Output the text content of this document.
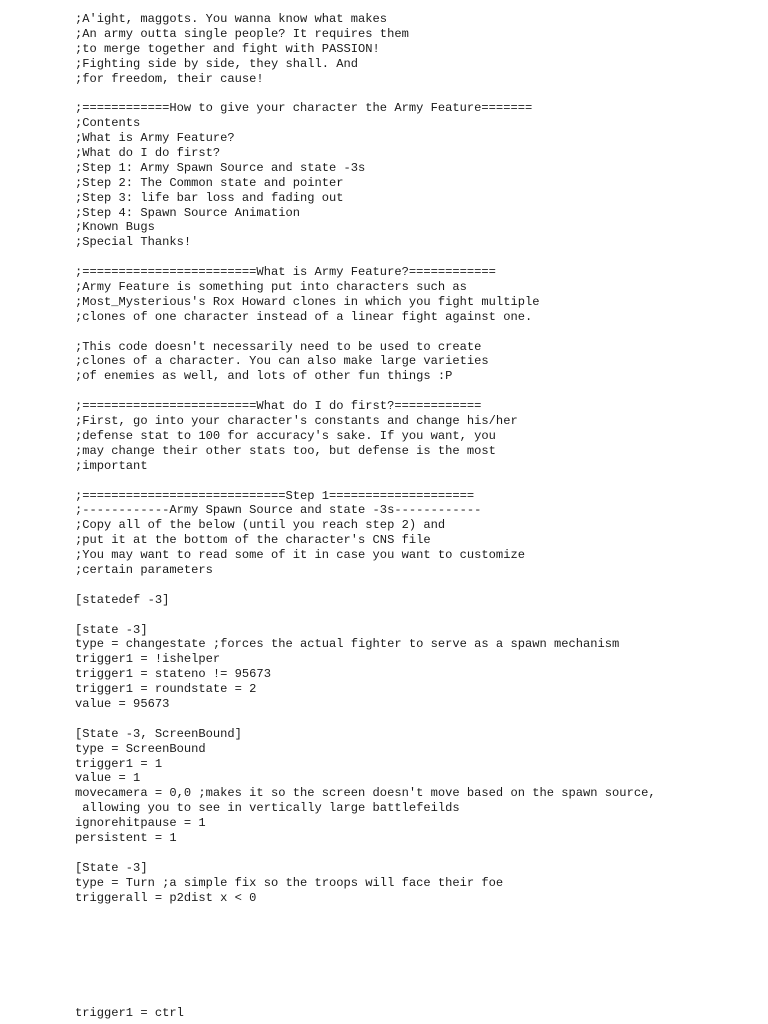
;A'ight, maggots. You wanna know what makes
;An army outta single people? It requires them
;to merge together and fight with PASSION!
;Fighting side by side, they shall. And
;for freedom, their cause!
;============How to give your character the Army Feature=======
;Contents
;What is Army Feature?
;What do I do first?
;Step 1: Army Spawn Source and state -3s
;Step 2: The Common state and pointer
;Step 3: life bar loss and fading out
;Step 4: Spawn Source Animation
;Known Bugs
;Special Thanks!
;========================What is Army Feature?============
;Army Feature is something put into characters such as
;Most_Mysterious's Rox Howard clones in which you fight multiple
;clones of one character instead of a linear fight against one.
;This code doesn't necessarily need to be used to create
;clones of a character. You can also make large varieties
;of enemies as well, and lots of other fun things :P
;========================What do I do first?============
;First, go into your character's constants and change his/her
;defense stat to 100 for accuracy's sake. If you want, you
;may change their other stats too, but defense is the most
;important
;============================Step 1====================
;------------Army Spawn Source and state -3s------------
;Copy all of the below (until you reach step 2) and
;put it at the bottom of the character's CNS file
;You may want to read some of it in case you want to customize
;certain parameters
[statedef -3]
[state -3]
type = changestate ;forces the actual fighter to serve as a spawn mechanism
trigger1 = !ishelper
trigger1 = stateno != 95673
trigger1 = roundstate = 2
value = 95673
[State -3, ScreenBound]
type = ScreenBound
trigger1 = 1
value = 1
movecamera = 0,0 ;makes it so the screen doesn't move based on the spawn source,
allowing you to see in vertically large battlefeilds
ignorehitpause = 1
persistent = 1
[State -3]
type = Turn ;a simple fix so the troops will face their foe
triggerall = p2dist x < 0
trigger1 = ctrl
